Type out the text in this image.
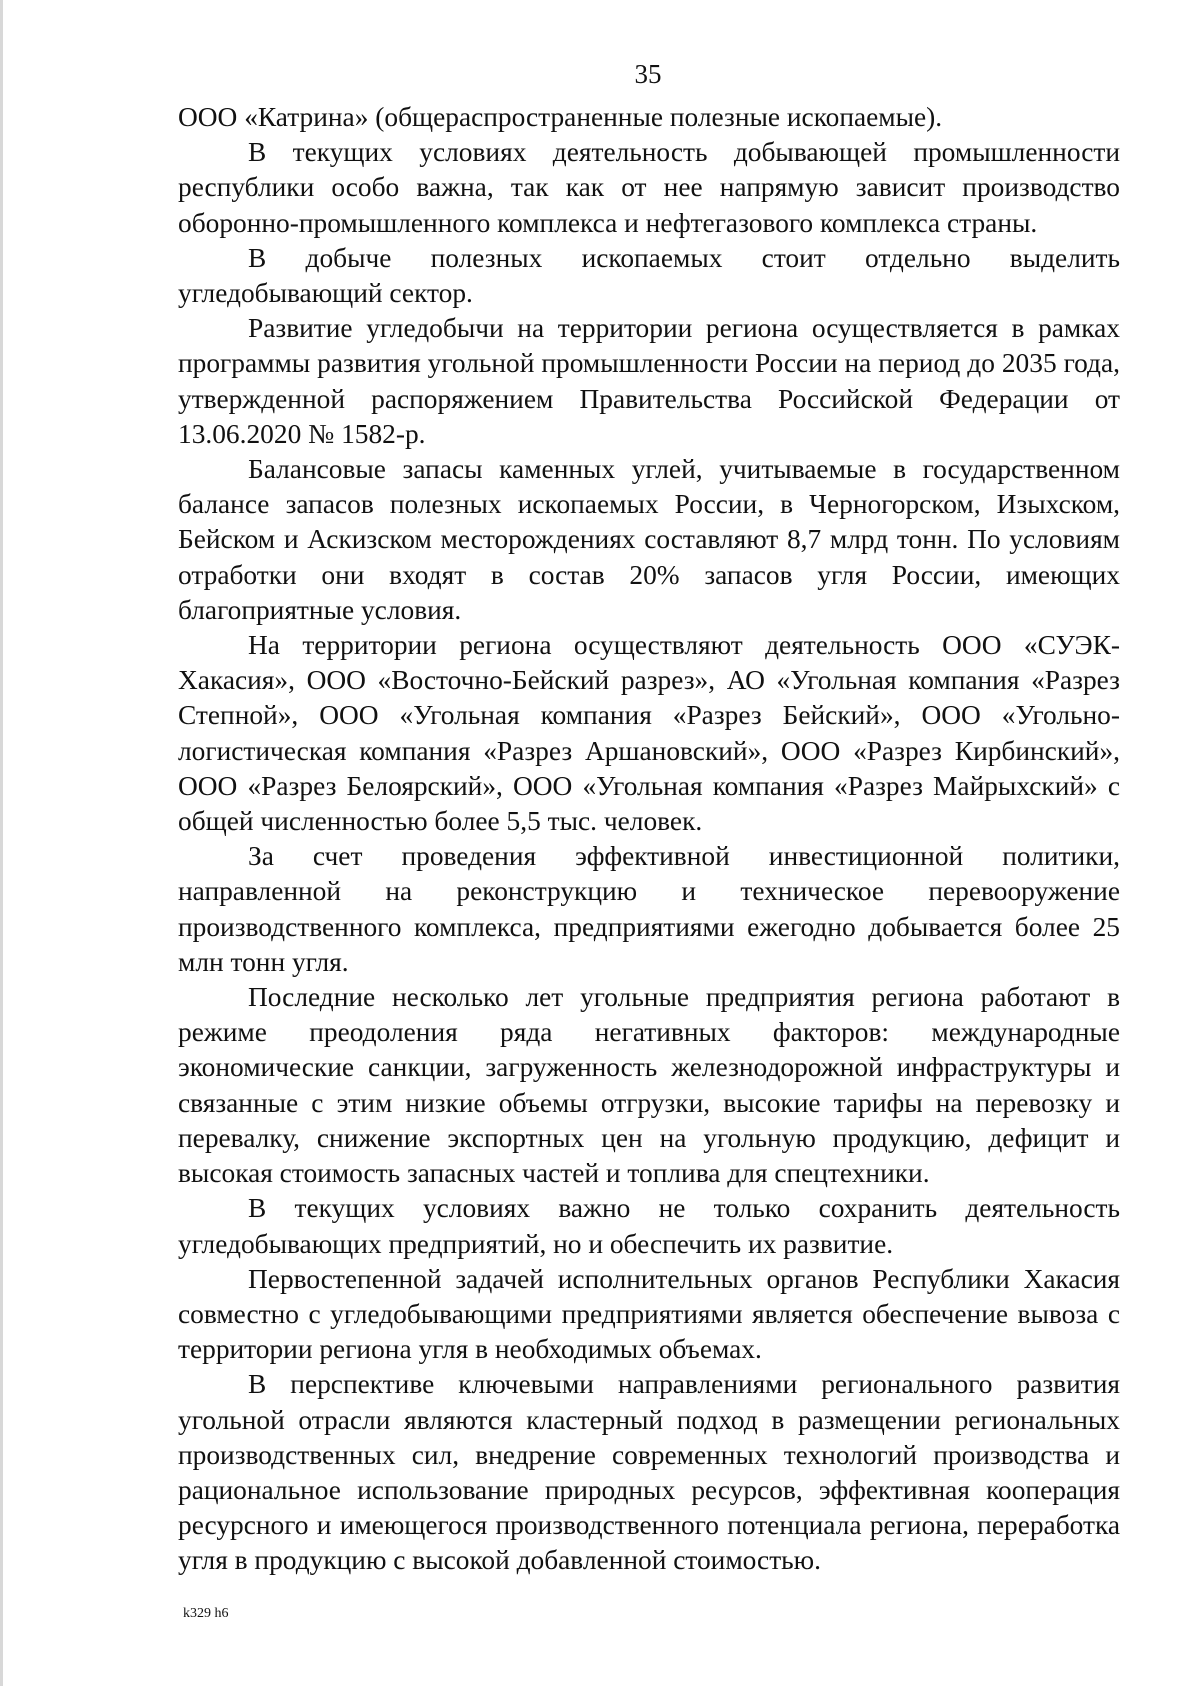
35

ООО «Катрина» (общераспространенные полезные ископаемые).

В текущих условиях деятельность добывающей промышленности республики особо важна, так как от нее напрямую зависит производство оборонно-промышленного комплекса и нефтегазового комплекса страны.

В добыче полезных ископаемых стоит отдельно выделить угледобывающий сектор.

Развитие угледобычи на территории региона осуществляется в рамках программы развития угольной промышленности России на период до 2035 года, утвержденной распоряжением Правительства Российской Федерации от 13.06.2020 № 1582-р.

Балансовые запасы каменных углей, учитываемые в государственном балансе запасов полезных ископаемых России, в Черногорском, Изыхском, Бейском и Аскизском месторождениях составляют 8,7 млрд тонн. По условиям отработки они входят в состав 20% запасов угля России, имеющих благоприятные условия.

На территории региона осуществляют деятельность ООО «СУЭК-Хакасия», ООО «Восточно-Бейский разрез», АО «Угольная компания «Разрез Степной», ООО «Угольная компания «Разрез Бейский», ООО «Угольно-логистическая компания «Разрез Аршановский», ООО «Разрез Кирбинский», ООО «Разрез Белоярский», ООО «Угольная компания «Разрез Майрыхский» с общей численностью более 5,5 тыс. человек.

За счет проведения эффективной инвестиционной политики, направленной на реконструкцию и техническое перевооружение производственного комплекса, предприятиями ежегодно добывается более 25 млн тонн угля.

Последние несколько лет угольные предприятия региона работают в режиме преодоления ряда негативных факторов: международные экономические санкции, загруженность железнодорожной инфраструктуры и связанные с этим низкие объемы отгрузки, высокие тарифы на перевозку и перевалку, снижение экспортных цен на угольную продукцию, дефицит и высокая стоимость запасных частей и топлива для спецтехники.

В текущих условиях важно не только сохранить деятельность угледобывающих предприятий, но и обеспечить их развитие.

Первостепенной задачей исполнительных органов Республики Хакасия совместно с угледобывающими предприятиями является обеспечение вывоза с территории региона угля в необходимых объемах.

В перспективе ключевыми направлениями регионального развития угольной отрасли являются кластерный подход в размещении региональных производственных сил, внедрение современных технологий производства и рациональное использование природных ресурсов, эффективная кооперация ресурсного и имеющегося производственного потенциала региона, переработка угля в продукцию с высокой добавленной стоимостью.

k329 h6
